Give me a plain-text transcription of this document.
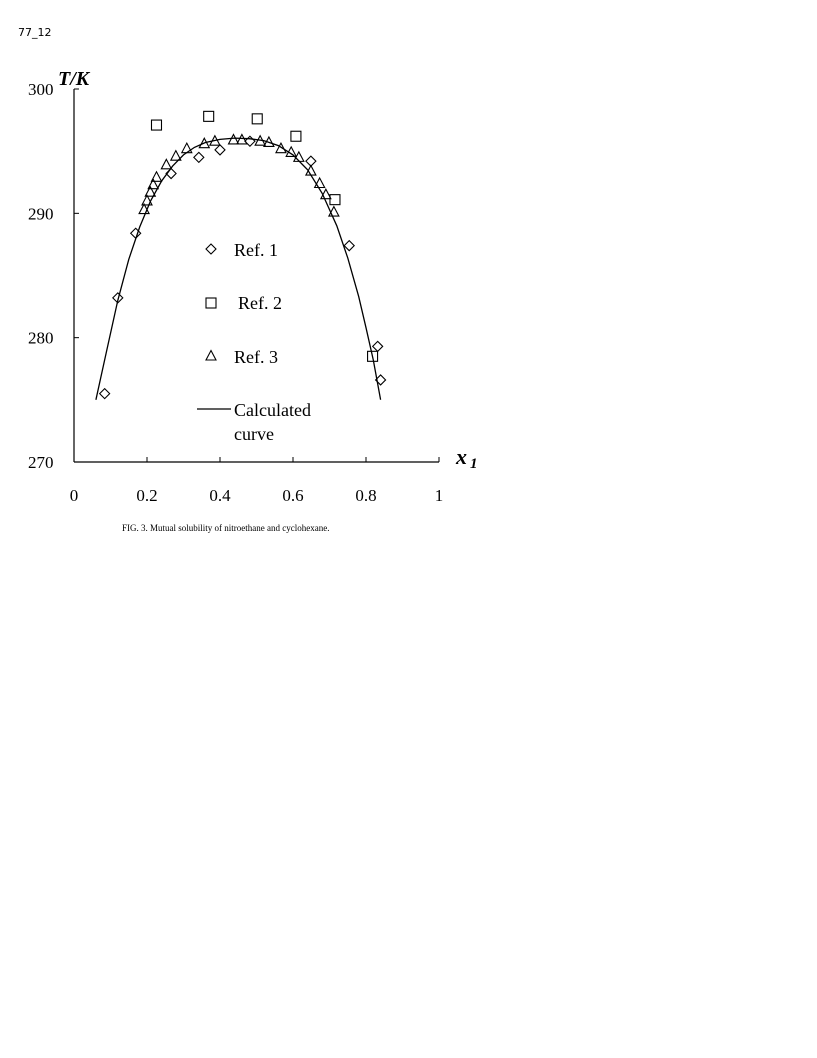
77_12
T/K
x 1
270
280
290
300
0	0.2	0.4	0.6	0.8	1
Ref. 1
Ref. 2
Ref. 3
Calculated
curve
FIG. 3. Mutual solubility of nitroethane and cyclohexane.
